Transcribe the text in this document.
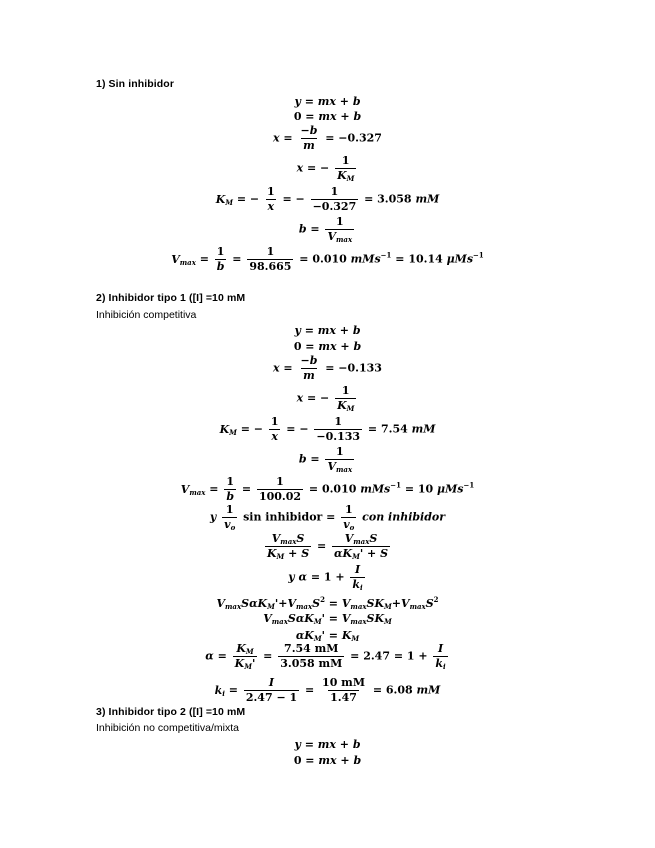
1) Sin inhibidor
y = mx + b
0 = mx + b
$x = \frac{-b}{m} = -0.327$
x = − $\frac{1}{K_M}$
$K_M$ = − $\frac{1}{x}$ = − $\frac{1}{-0.327} = 3.058$ mM
$b = \frac{1}{V_{max}}$
$V_{max} = \frac{1}{b} = \frac{1}{98.665} = 0.010$ mMs$^{-1}$ = 10.14 μMs$^{-1}$
2) Inhibidor tipo 1 ([I] =10 mM
Inhibición competitiva
y = mx + b
0 = mx + b
$x = \frac{-b}{m} = -0.133$
x = − $\frac{1}{K_M}$
$K_M$ = − $\frac{1}{x}$ = − $\frac{1}{-0.133} = 7.54$ mM
$b = \frac{1}{V_{max}}$
$V_{max} = \frac{1}{b} = \frac{1}{100.02} = 0.010$ mMs$^{-1}$ = 10 μMs$^{-1}$
y $\frac{1}{v_o}$ sin inhibidor = $\frac{1}{v_o}$ con inhibidor
$\frac{V_{max}S}{K_M + S} = \frac{V_{max}S}{\alpha K_M' + S}$
y $\alpha = 1 + \frac{I}{k_i}$
$V_{max}S\alpha K_M'+V_{max}S^2 = V_{max}SK_M+V_{max}S^2$
$V_{max}S\alpha K_M' = V_{max}SK_M$
$\alpha K_M' = K_M$
$\alpha = \frac{K_M}{K_M'} = \frac{7.54 mM}{3.058 mM} = 2.47 = 1 + \frac{I}{k_i}$
$k_i = \frac{I}{2.47 - 1} = \frac{10 mM}{1.47} = 6.08$ mM
3) Inhibidor tipo 2 ([I] =10 mM
Inhibición no competitiva/mixta
y = mx + b
0 = mx + b
